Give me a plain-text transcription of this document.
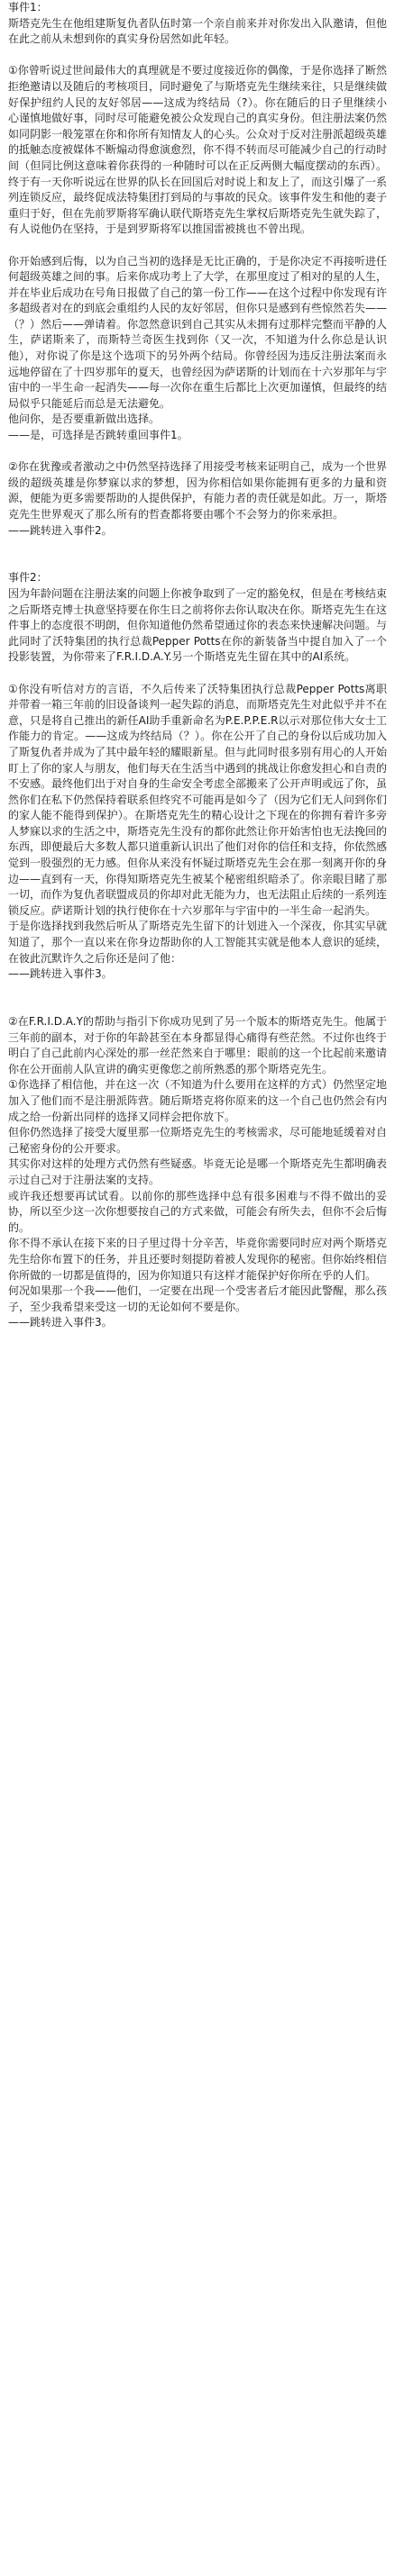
事件1：
斯塔克先生在他组建斯复仇者队伍时第一个亲自前来并对你发出入队邀请，但他在此之前从未想到你的真实身份居然如此年轻。
①你曾听说过世间最伟大的真理就是不要过度接近你的偶像，于是你选择了断然拒绝邀请以及随后的考核项目，同时避免了与斯塔克先生继续来往，只是继续做好保护纽约人民的友好邻居——这成为终结局（?）。你在随后的日子里继续小心谨慎地做好事，同时尽可能避免被公众发现自己的真实身份。但注册法案仍然如同阴影一般笼罩在你和你所有知情友人的心头。公众对于反对注册派超级英雄的抵触态度被媒体不断煽动得愈演愈烈，你不得不转而尽可能减少自己的行动时间（但同比例这意味着你获得的一种随时可以在正反两侧大幅度摆动的东西）。终于有一天你听说远在世界的队长在回国后对时说上和友上了，而这引爆了一系列连锁反应，最终促成法特集团打到局的与事故的民众。该事件发生和他的妻子重归于好，但在先前罗斯将军确认联代斯塔克先生掌权后斯塔克先生就失踪了，有人说他仍在坚持，于是到罗斯将军以推国雷被挑也不曾出现。
你开始感到后悔，以为自己当初的选择是无比正确的，于是你决定不再接听进任何超级英雄之间的事。后来你成功考上了大学，在那里度过了相对的星的人生，并在毕业后成功在号角日报做了自己的第一份工作——在这个过程中你发现有许多超级者对在的到底会重组约人民的友好邻居，但你只是感到有些惊然若失——（？）然后——弹请着。你忽然意识到自己其实从未拥有过那样完整而平静的人生，萨诺斯来了，而斯特兰奇医生找到你（又一次，不知道为什么你总是认识他），对你说了你是这个选项下的另外两个结局。你曾经因为违反注册法案而永远地停留在了十四岁那年的夏天，也曾经因为萨诺斯的计划而在十六岁那年与宇宙中的一半生命一起消失——每一次你在重生后都比上次更加谨慎，但最终的结局似乎只能延后而总是无法避免。
他问你，是否要重新做出选择。
——是，可选择是否跳转重回事件1。
②你在犹豫或者激动之中仍然坚持选择了用接受考核来证明自己，成为一个世界级的超级英雄是你梦寐以求的梦想，因为你相信如果你能拥有更多的力量和资源，便能为更多需要帮助的人提供保护，有能力者的责任就是如此。万一，斯塔克先生世界观灭了那么所有的哲查都将要由哪个不会努力的你来承担。
——跳转进入事件2。
事件2：
因为年龄问题在注册法案的问题上你被争取到了一定的豁免权，但是在考核结束之后斯塔克博士执意坚持要在你生日之前将你去你认取决在你。斯塔克先生在这件事上的态度很不明朗，但你知道他仍然希望通过你的表态来快速解决问题。与此同时了沃特集团的执行总裁Pepper Potts在你的新装备当中提自加入了一个投影装置，为你带来了F.R.I.D.A.Y.另一个斯塔克先生留在其中的AI系统。
①你没有听信对方的言语，不久后传来了沃特集团执行总裁Pepper Potts离职并带着一箱三年前的旧设备谈判一起失踪的消息，而斯塔克先生对此似乎并不在意，只是将自己推出的新任AI助手重新命名为P.E.P.P.E.R以示对那位伟大女士工作能力的肯定。——这成为终结局（？）。你在公开了自己的身份以后成功加入了斯复仇者并成为了其中最年轻的耀眼新星。但与此同时很多别有用心的人开始盯上了你的家人与朋友，他们每天在生活当中遇到的挑战让你愈发担心和自责的不安感。最终他们出于对自身的生命安全考虑全部搬来了公开声明或远了你，虽然你们在私下仍然保持着联系但终究不可能再是如今了（因为它们无人问到你们的家人能不能得到保护）。在斯塔克先生的精心设计之下现在的你拥有着许多旁人梦寐以求的生活之中，斯塔克先生没有的都你此然让你开始害怕也无法挽回的东西，即便最后大多数人都只道重新认识出了他们对你的信任和支持，你依然感觉到一股强烈的无力感。但你从来没有怀疑过斯塔克先生会在那一刻离开你的身边——直到有一天，你得知斯塔克先生被某个秘密组织暗杀了。你亲眼目睹了那一切，而作为复仇者联盟成员的你却对此无能为力，也无法阻止后续的一系列连锁反应。萨诺斯计划的执行使你在十六岁那年与宇宙中的一半生命一起消失。
于是你选择找到我然后听从了斯塔克先生留下的计划进入一个深夜，你其实早就知道了，那个一直以来在你身边帮助你的人工智能其实就是他本人意识的延续，在彼此沉默许久之后你还是问了他：
——跳转进入事件3。
②在F.R.I.D.A.Y的帮助与指引下你成功见到了另一个版本的斯塔克先生。他属于三年前的副本，对于你的年龄甚至在本身都显得心痛得有些茫然。不过你也终于明白了自己此前内心深处的那一丝茫然来自于哪里：眼前的这一个比起前来邀请你在公开面前人队宣讲的确实更像您之前所熟悉的那个斯塔克先生。
①你选择了相信他，并在这一次（不知道为什么要用在这样的方式）仍然坚定地加入了他们而不是注册派阵营。随后斯塔克将你原来的这一个自己也仍然会有内成之给一份新出同样的选择又同样会把你放下。
但你仍然选择了接受大厦里那一位斯塔克先生的考核需求，尽可能地延缓着对自己秘密身份的公开要求。
其实你对这样的处理方式仍然有些疑惑。毕竟无论是哪一个斯塔克先生都明确表示过自己对于注册法案的支持。
或许我还想要再试试看。以前你的那些选择中总有很多困难与不得不做出的妥协，所以至少这一次你想要按自己的方式来做，可能会有所失去，但你不会后悔的。
你不得不承认在接下来的日子里过得十分辛苦，毕竟你需要同时应对两个斯塔克先生给你布置下的任务，并且还要时刻提防着被人发现你的秘密。但你始终相信你所做的一切都是值得的，因为你知道只有这样才能保护好你所在乎的人们。
何况如果那一个我——他们，一定要在出现一个受害者后才能因此警醒，那么孩子，至少我希望来受这一切的无论如何不要是你。
——跳转进入事件3。
